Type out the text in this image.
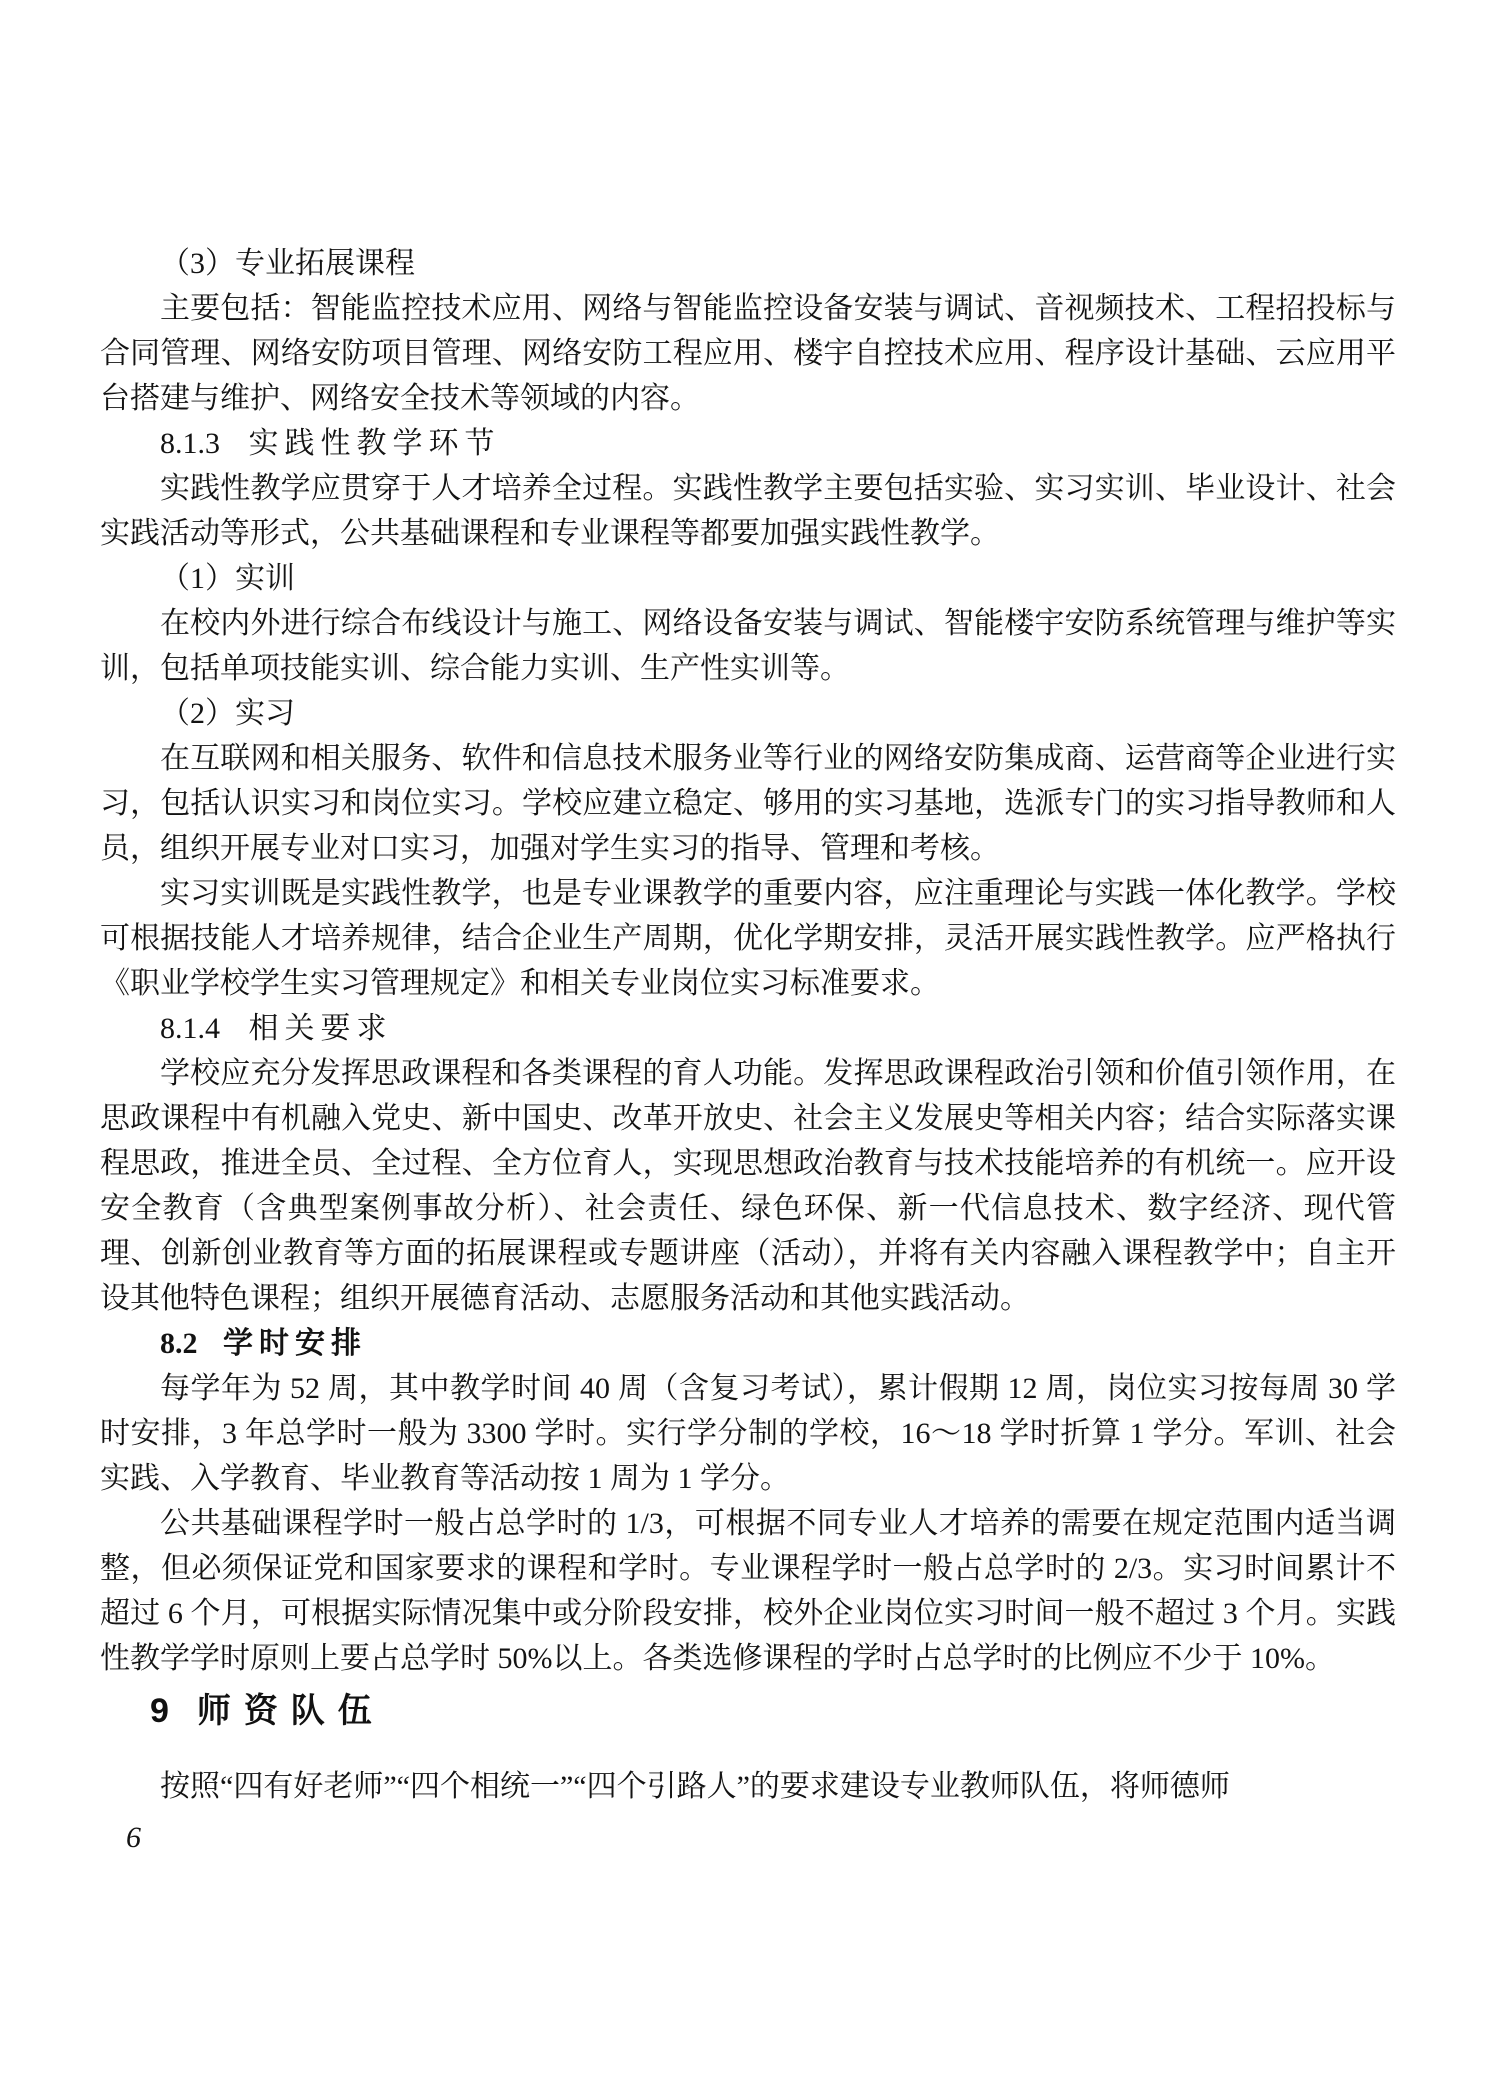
（3）专业拓展课程

主要包括：智能监控技术应用、网络与智能监控设备安装与调试、音视频技术、工程招投标与合同管理、网络安防项目管理、网络安防工程应用、楼宇自控技术应用、程序设计基础、云应用平台搭建与维护、网络安全技术等领域的内容。

8.1.3 实践性教学环节

实践性教学应贯穿于人才培养全过程。实践性教学主要包括实验、实习实训、毕业设计、社会实践活动等形式，公共基础课程和专业课程等都要加强实践性教学。

（1）实训

在校内外进行综合布线设计与施工、网络设备安装与调试、智能楼宇安防系统管理与维护等实训，包括单项技能实训、综合能力实训、生产性实训等。

（2）实习

在互联网和相关服务、软件和信息技术服务业等行业的网络安防集成商、运营商等企业进行实习，包括认识实习和岗位实习。学校应建立稳定、够用的实习基地，选派专门的实习指导教师和人员，组织开展专业对口实习，加强对学生实习的指导、管理和考核。

实习实训既是实践性教学，也是专业课教学的重要内容，应注重理论与实践一体化教学。学校可根据技能人才培养规律，结合企业生产周期，优化学期安排，灵活开展实践性教学。应严格执行《职业学校学生实习管理规定》和相关专业岗位实习标准要求。

8.1.4 相关要求

学校应充分发挥思政课程和各类课程的育人功能。发挥思政课程政治引领和价值引领作用，在思政课程中有机融入党史、新中国史、改革开放史、社会主义发展史等相关内容；结合实际落实课程思政，推进全员、全过程、全方位育人，实现思想政治教育与技术技能培养的有机统一。应开设安全教育（含典型案例事故分析）、社会责任、绿色环保、新一代信息技术、数字经济、现代管理、创新创业教育等方面的拓展课程或专题讲座（活动），并将有关内容融入课程教学中；自主开设其他特色课程；组织开展德育活动、志愿服务活动和其他实践活动。

8.2 学时安排

每学年为 52 周，其中教学时间 40 周（含复习考试），累计假期 12 周，岗位实习按每周 30 学时安排，3 年总学时一般为 3300 学时。实行学分制的学校，16～18 学时折算 1 学分。军训、社会实践、入学教育、毕业教育等活动按 1 周为 1 学分。

公共基础课程学时一般占总学时的 1/3，可根据不同专业人才培养的需要在规定范围内适当调整，但必须保证党和国家要求的课程和学时。专业课程学时一般占总学时的 2/3。实习时间累计不超过 6 个月，可根据实际情况集中或分阶段安排，校外企业岗位实习时间一般不超过 3 个月。实践性教学学时原则上要占总学时 50%以上。各类选修课程的学时占总学时的比例应不少于 10%。

9 师资队伍

按照“四有好老师”“四个相统一”“四个引路人”的要求建设专业教师队伍，将师德师

6
